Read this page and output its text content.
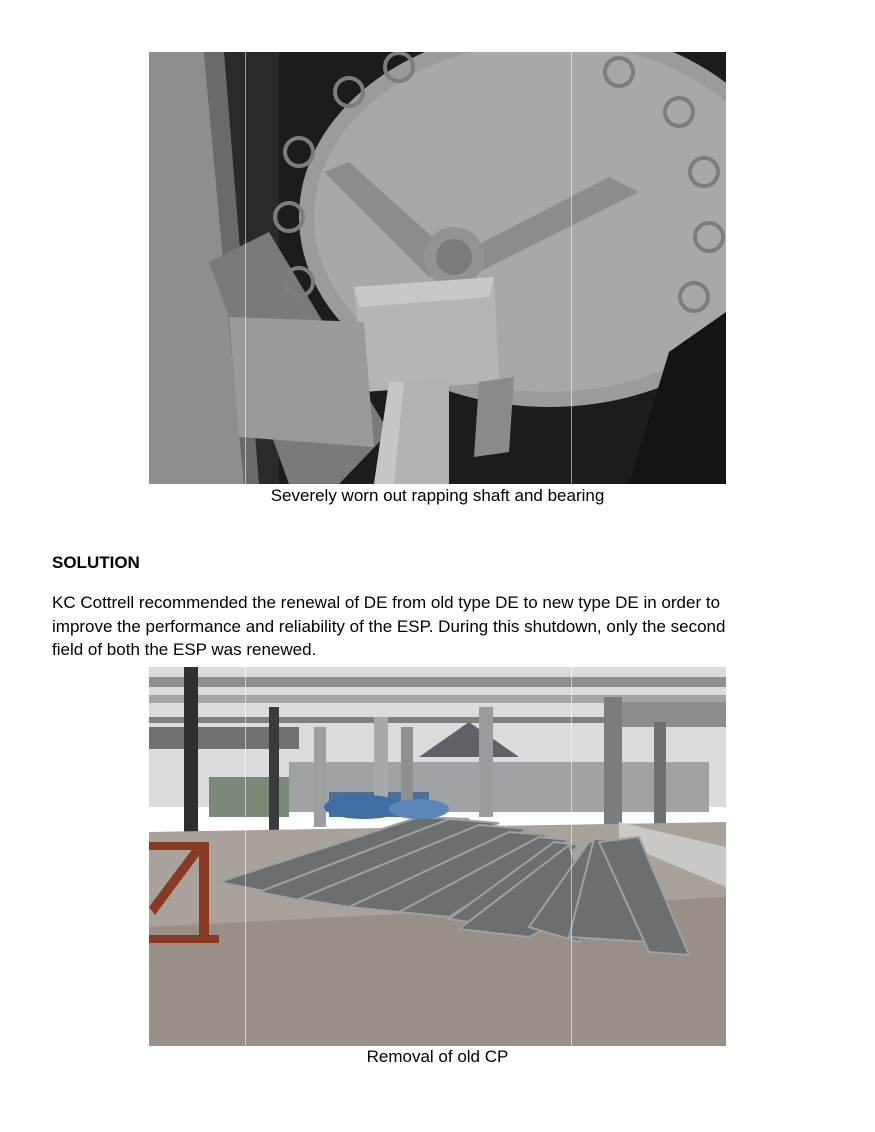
Severely worn out rapping shaft and bearing
SOLUTION
KC Cottrell recommended the renewal of DE from old type DE to new type DE in order to
improve the performance and reliability of the ESP. During this shutdown, only the second
field of both the ESP was renewed.
Removal of old CP
